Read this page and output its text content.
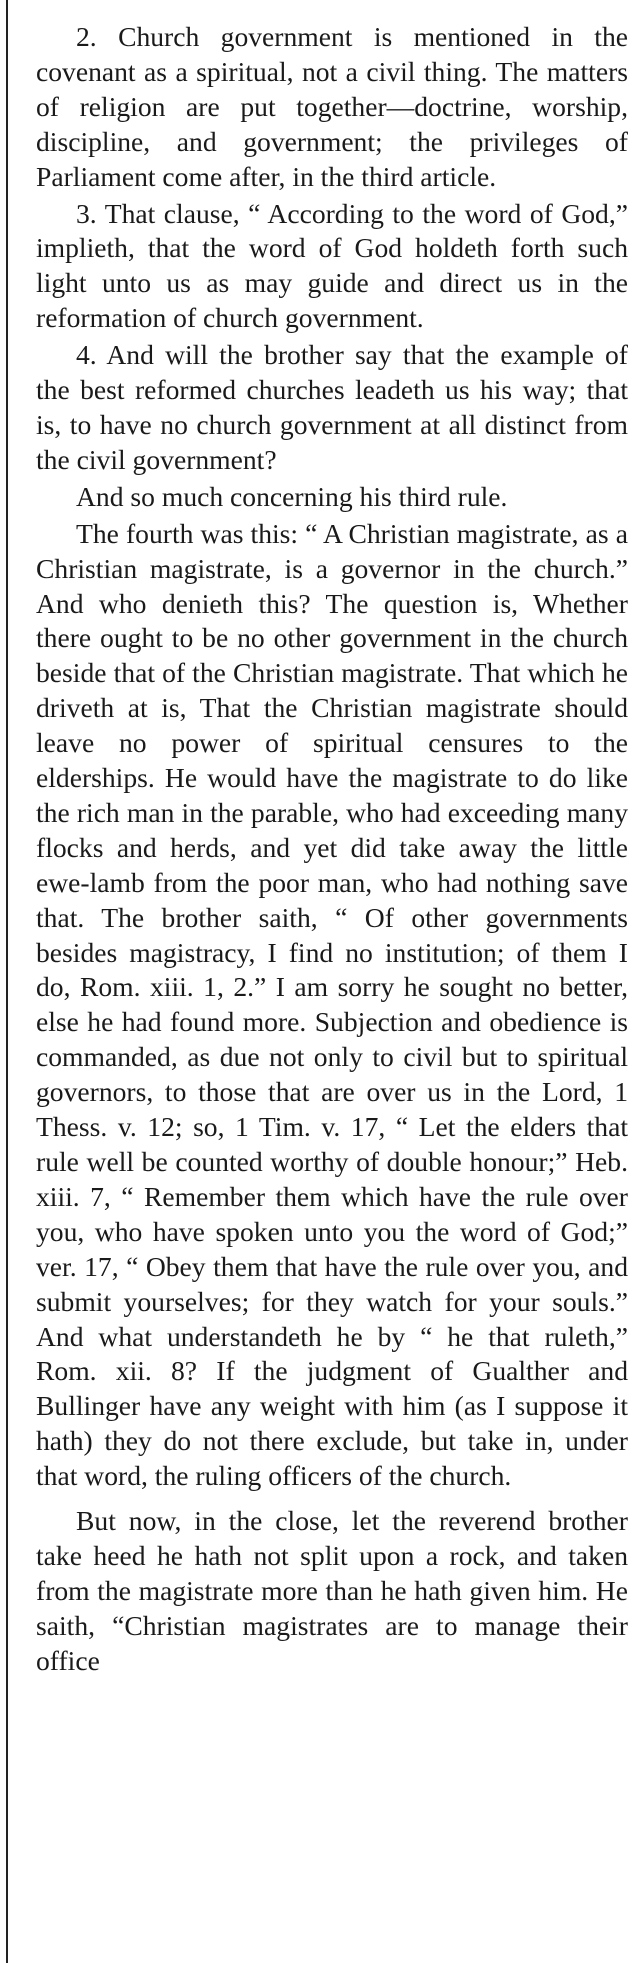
2. Church government is mentioned in the covenant as a spiritual, not a civil thing. The matters of religion are put together—doctrine, worship, discipline, and government; the privileges of Parliament come after, in the third article.

3. That clause, “ According to the word of God,” implieth, that the word of God holdeth forth such light unto us as may guide and direct us in the reformation of church government.

4. And will the brother say that the example of the best reformed churches leadeth us his way; that is, to have no church government at all distinct from the civil government?

And so much concerning his third rule.

The fourth was this: “ A Christian magistrate, as a Christian magistrate, is a governor in the church.” And who denieth this? The question is, Whether there ought to be no other government in the church beside that of the Christian magistrate. That which he driveth at is, That the Christian magistrate should leave no power of spiritual censures to the elderships. He would have the magistrate to do like the rich man in the parable, who had exceeding many flocks and herds, and yet did take away the little ewe-lamb from the poor man, who had nothing save that. The brother saith, “ Of other governments besides magistracy, I find no institution; of them I do, Rom. xiii. 1, 2.” I am sorry he sought no better, else he had found more. Subjection and obedience is commanded, as due not only to civil but to spiritual governors, to those that are over us in the Lord, 1 Thess. v. 12; so, 1 Tim. v. 17, “ Let the elders that rule well be counted worthy of double honour;” Heb. xiii. 7, “ Remember them which have the rule over you, who have spoken unto you the word of God;” ver. 17, “ Obey them that have the rule over you, and submit yourselves; for they watch for your souls.” And what understandeth he by “ he that ruleth,” Rom. xii. 8? If the judgment of Gualther and Bullinger have any weight with him (as I suppose it hath) they do not there exclude, but take in, under that word, the ruling officers of the church.

But now, in the close, let the reverend brother take heed he hath not split upon a rock, and taken from the magistrate more than he hath given him. He saith, “Christian magistrates are to manage their office
